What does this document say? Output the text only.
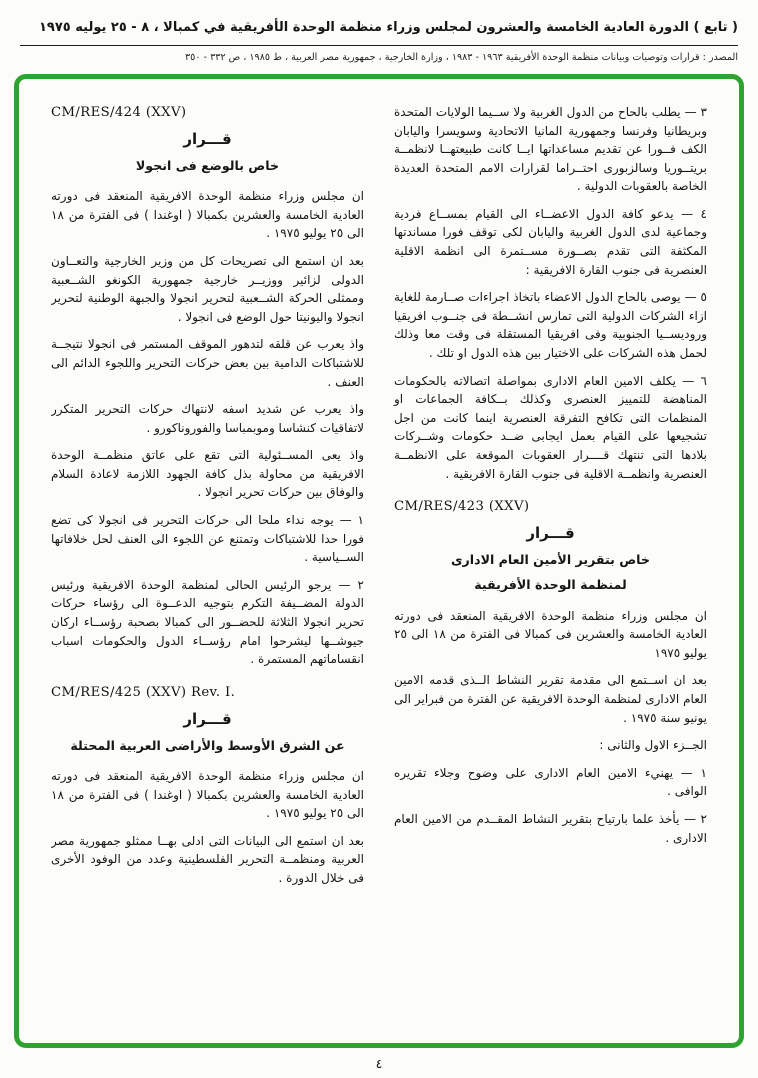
( تابع ) الدورة العادية الخامسة والعشرون لمجلس وزراء منظمة الوحدة الأفريقية في كمبالا ، ٨ - ٢٥ يوليه ١٩٧٥
المصدر : قرارات وتوصيات وبيانات منظمة الوحدة الأفريقية ١٩٦٣ - ١٩٨٣ ، وزارة الخارجية ، جمهورية مصر العربية ، ط ١٩٨٥ ، ص ٣٣٢ - ٣٥٠

٣ — يطلب بالحاح من الدول الغربية ولا ســيما الولايات المتحدة وبريطانيا وفرنسا وجمهورية المانيا الاتحادية وسويسرا واليابان الكف فــورا عن تقديم مساعداتها ايــا كانت طبيعتهــا لانظمــة بريتــوريا وسالزبورى احتــراما لقرارات الامم المتحدة العديدة الخاصة بالعقوبات الدولية .

٤ — يدعو كافة الدول الاعضــاء الى القيام بمســاع فردية وجماعية لدى الدول الغربية واليابان لكى توقف فورا مساندتها المكثفة التى تقدم بصــورة مســتمرة الى انظمة الاقلية العنصرية فى جنوب القارة الافريقية :

٥ — يوصى بالحاح الدول الاعضاء باتخاذ اجراءات صــارمة للغاية ازاء الشركات الدولية التى تمارس انشــطة فى جنــوب افريقيا وروديســيا الجنوبية وفى افريقيا المستقلة فى وقت معا وذلك لحمل هذه الشركات على الاختيار بين هذه الدول او تلك .

٦ — يكلف الامين العام الادارى بمواصلة اتصالاته بالحكومات المناهضة للتمييز العنصرى وكذلك بــكافة الجماعات او المنظمات التى تكافح التفرقة العنصرية اينما كانت من اجل تشجيعها على القيام بعمل ايجابى ضــد حكومات وشــركات بلادها التى تنتهك قــــرار العقوبات الموقعة على الانظمــة العنصرية وانظمــة الاقلية فى جنوب القارة الافريقية .

CM/RES/423 (XXV)
قـــرار
خاص بتقرير الأمين العام الادارى
لمنظمة الوحدة الأفريقية

ان مجلس وزراء منظمة الوحدة الافريقية المنعقد فى دورته العادية الخامسة والعشرين فى كمبالا فى الفترة من ١٨ الى ٢٥ يوليو ١٩٧٥

بعد ان اســتمع الى مقدمة تقرير النشاط الــذى قدمه الامين العام الادارى لمنظمة الوحدة الافريقية عن الفترة من فبراير الى يونيو سنة ١٩٧٥ .

الجــزء الاول والثانى :

١ — يهنيء الامين العام الادارى على وضوح وجلاء تقريره الوافى .

٢ — يأخذ علما بارتياح بتقرير النشاط المقــدم من الامين العام الادارى .

CM/RES/424 (XXV)
قـــرار
خاص بالوضع فى انجولا

ان مجلس وزراء منظمة الوحدة الافريقية المنعقد فى دورته العادية الخامسة والعشرين بكمبالا ( اوغندا ) فى الفترة من ١٨ الى ٢٥ يوليو ١٩٧٥ .

بعد ان استمع الى تصريحات كل من وزير الخارجية والتعــاون الدولى لزائير ووزيــر خارجية جمهورية الكونغو الشــعبية وممثلى الحركة الشــعبية لتحرير انجولا والجبهة الوطنية لتحرير انجولا واليونيتا حول الوضع فى انجولا .

واذ يعرب عن قلقه لتدهور الموقف المستمر فى انجولا نتيجــة للاشتباكات الدامية بين بعض حركات التحرير واللجوء الدائم الى العنف .

واذ يعرب عن شديد اسفه لانتهاك حركات التحرير المتكرر لاتفاقيات كنشاسا وموبمباسا والفوروناكورو .

واذ يعى المســئولية التى تقع على عاتق منظمــة الوحدة الافريقية من محاولة بذل كافة الجهود اللازمة لاعادة السلام والوفاق بين حركات تحرير انجولا .

١ — يوجه نداء ملحا الى حركات التحرير فى انجولا كى تضع فورا حدا للاشتباكات وتمتنع عن اللجوء الى العنف لحل خلافاتها الســياسية .

٢ — يرجو الرئيس الحالى لمنظمة الوحدة الافريقية ورئيس الدولة المضــيفة التكرم بتوجيه الدعــوة الى رؤساء حركات تحرير انجولا الثلاثة للحضــور الى كمبالا بصحبة رؤســاء اركان جيوشــها ليشرحوا امام رؤســاء الدول والحكومات اسباب انقساماتهم المستمرة .

CM/RES/425 (XXV) Rev. I.
قـــرار
عن الشرق الأوسط والأراضى العربية المحتلة

ان مجلس وزراء منظمة الوحدة الافريقية المنعقد فى دورته العادية الخامسة والعشرين بكمبالا ( اوغندا ) فى الفترة من ١٨ الى ٢٥ يوليو ١٩٧٥ .

بعد ان استمع الى البيانات التى ادلى بهــا ممثلو جمهورية مصر العربية ومنظمــة التحرير الفلسطينية وعدد من الوفود الأخرى فى خلال الدورة .

٤
